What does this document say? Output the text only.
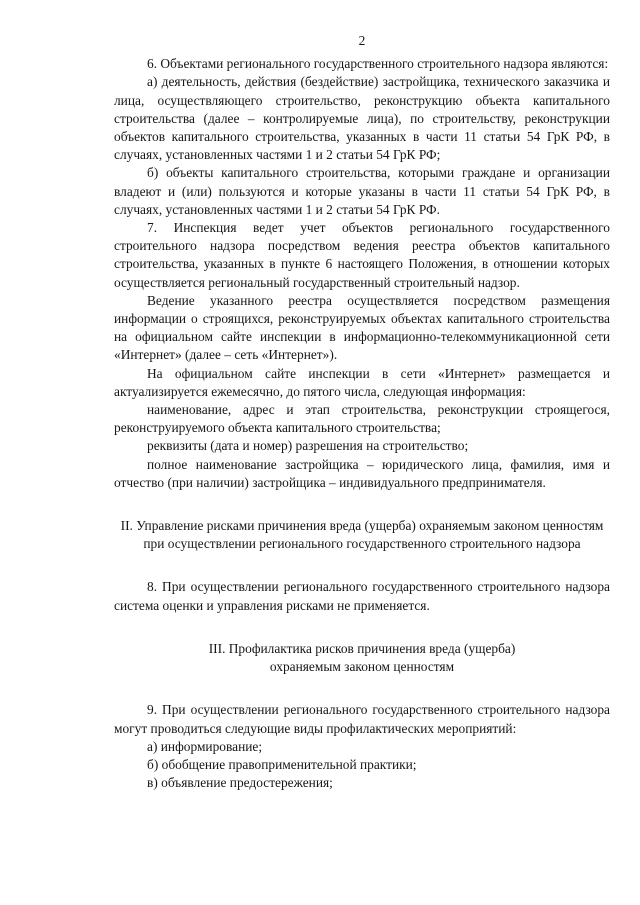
2

6. Объектами регионального государственного строительного надзора являются:

а) деятельность, действия (бездействие) застройщика, технического заказчика и лица, осуществляющего строительство, реконструкцию объекта капитального строительства (далее – контролируемые лица), по строительству, реконструкции объектов капитального строительства, указанных в части 11 статьи 54 ГрК РФ, в случаях, установленных частями 1 и 2 статьи 54 ГрК РФ;

б) объекты капитального строительства, которыми граждане и организации владеют и (или) пользуются и которые указаны в части 11 статьи 54 ГрК РФ, в случаях, установленных частями 1 и 2 статьи 54 ГрК РФ.

7. Инспекция ведет учет объектов регионального государственного строительного надзора посредством ведения реестра объектов капитального строительства, указанных в пункте 6 настоящего Положения, в отношении которых осуществляется региональный государственный строительный надзор.

Ведение указанного реестра осуществляется посредством размещения информации о строящихся, реконструируемых объектах капитального строительства на официальном сайте инспекции в информационно-телекоммуникационной сети «Интернет» (далее – сеть «Интернет»).

На официальном сайте инспекции в сети «Интернет» размещается и актуализируется ежемесячно, до пятого числа, следующая информация:

наименование, адрес и этап строительства, реконструкции строящегося, реконструируемого объекта капитального строительства;

реквизиты (дата и номер) разрешения на строительство;

полное наименование застройщика – юридического лица, фамилия, имя и отчество (при наличии) застройщика – индивидуального предпринимателя.

II. Управление рисками причинения вреда (ущерба) охраняемым законом ценностям при осуществлении регионального государственного строительного надзора

8. При осуществлении регионального государственного строительного надзора система оценки и управления рисками не применяется.

III. Профилактика рисков причинения вреда (ущерба) охраняемым законом ценностям

9. При осуществлении регионального государственного строительного надзора могут проводиться следующие виды профилактических мероприятий:

а) информирование;

б) обобщение правоприменительной практики;

в) объявление предостережения;
